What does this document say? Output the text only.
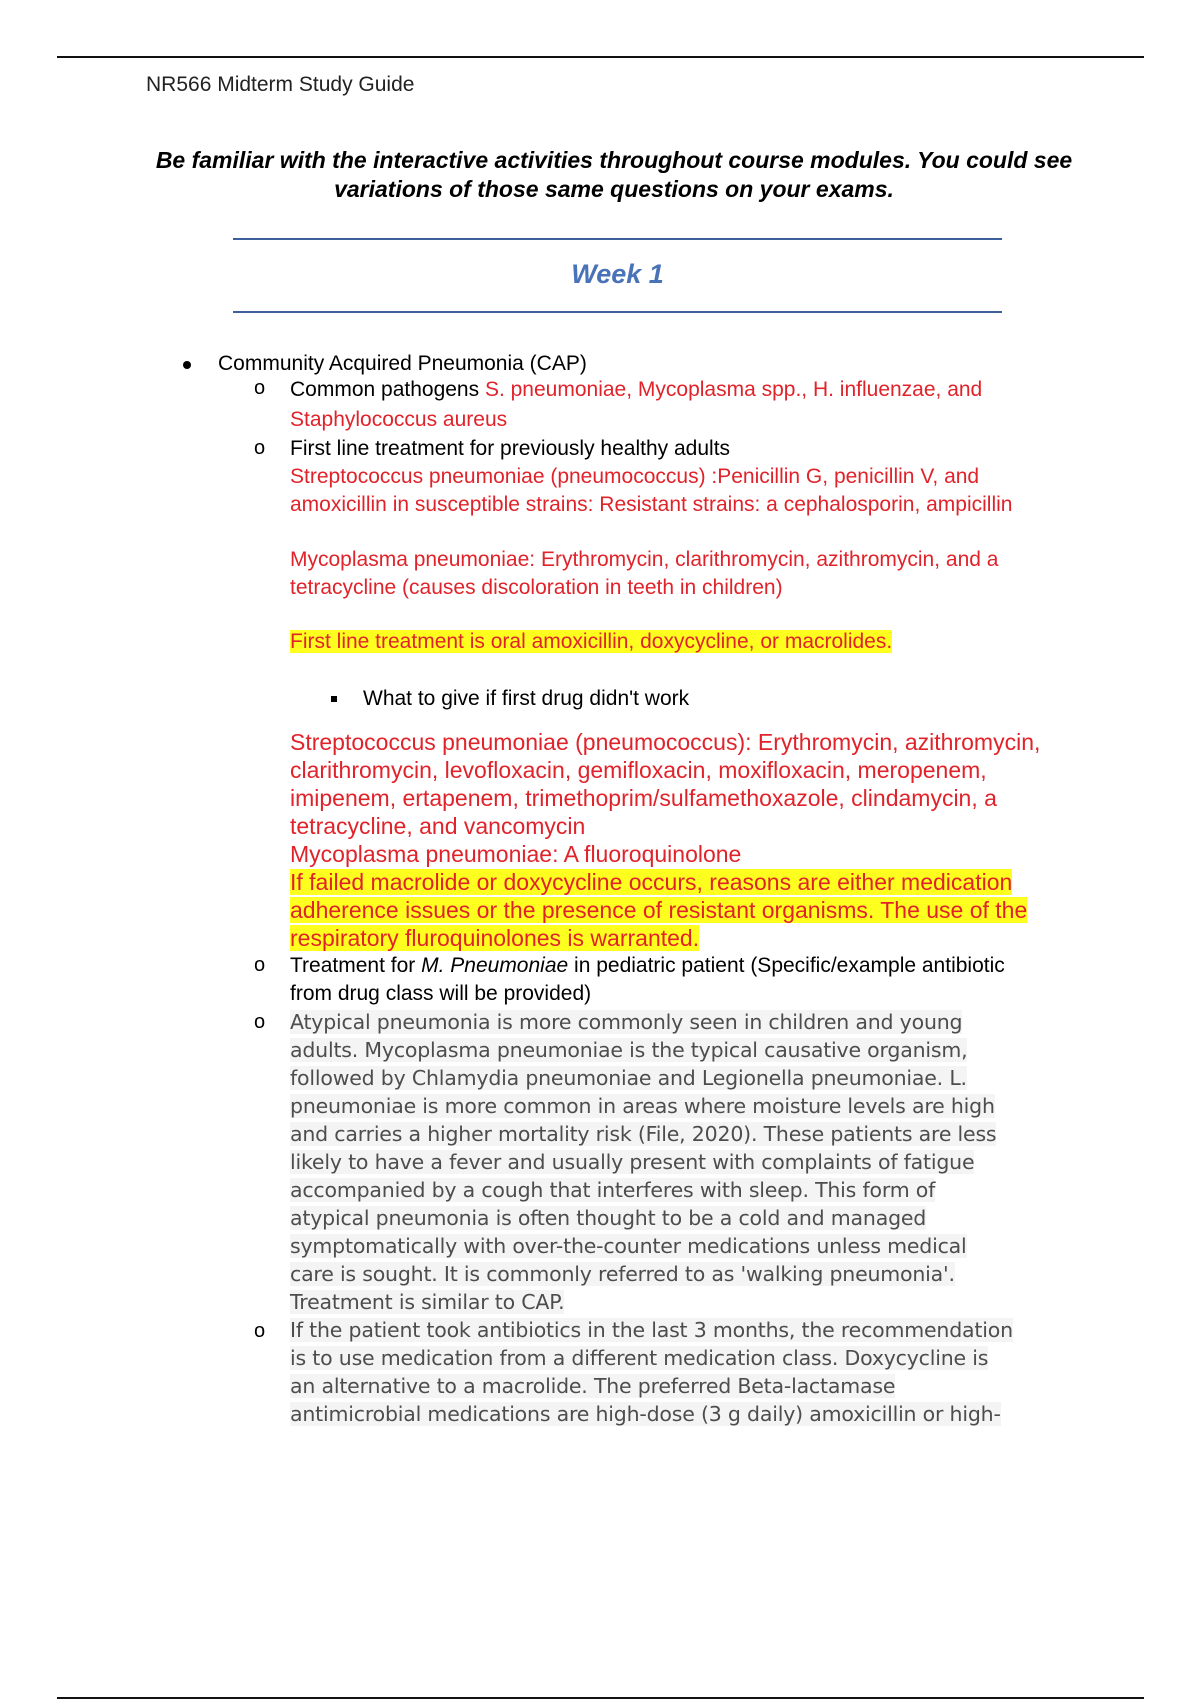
NR566 Midterm Study Guide
Be familiar with the interactive activities throughout course modules. You could see variations of those same questions on your exams.
Week 1
Community Acquired Pneumonia (CAP)
o Common pathogens S. pneumoniae, Mycoplasma spp., H. influenzae, and
Staphylococcus aureus
o First line treatment for previously healthy adults
Streptococcus pneumoniae (pneumococcus) :Penicillin G, penicillin V, and
amoxicillin in susceptible strains: Resistant strains: a cephalosporin, ampicillin
Mycoplasma pneumoniae: Erythromycin, clarithromycin, azithromycin, and a
tetracycline (causes discoloration in teeth in children)
First line treatment is oral amoxicillin, doxycycline, or macrolides.
What to give if first drug didn't work
Streptococcus pneumoniae (pneumococcus): Erythromycin, azithromycin,
clarithromycin, levofloxacin, gemifloxacin, moxifloxacin, meropenem,
imipenem, ertapenem, trimethoprim/sulfamethoxazole, clindamycin, a
tetracycline, and vancomycin
Mycoplasma pneumoniae: A fluoroquinolone
If failed macrolide or doxycycline occurs, reasons are either medication
adherence issues or the presence of resistant organisms. The use of the
respiratory fluroquinolones is warranted.
o Treatment for M. Pneumoniae in pediatric patient (Specific/example antibiotic
from drug class will be provided)
o Atypical pneumonia is more commonly seen in children and young
adults. Mycoplasma pneumoniae is the typical causative organism,
followed by Chlamydia pneumoniae and Legionella pneumoniae. L.
pneumoniae is more common in areas where moisture levels are high
and carries a higher mortality risk (File, 2020). These patients are less
likely to have a fever and usually present with complaints of fatigue
accompanied by a cough that interferes with sleep. This form of
atypical pneumonia is often thought to be a cold and managed
symptomatically with over-the-counter medications unless medical
care is sought. It is commonly referred to as 'walking pneumonia'.
Treatment is similar to CAP.
o If the patient took antibiotics in the last 3 months, the recommendation
is to use medication from a different medication class. Doxycycline is
an alternative to a macrolide. The preferred Beta-lactamase
antimicrobial medications are high-dose (3 g daily) amoxicillin or high-
